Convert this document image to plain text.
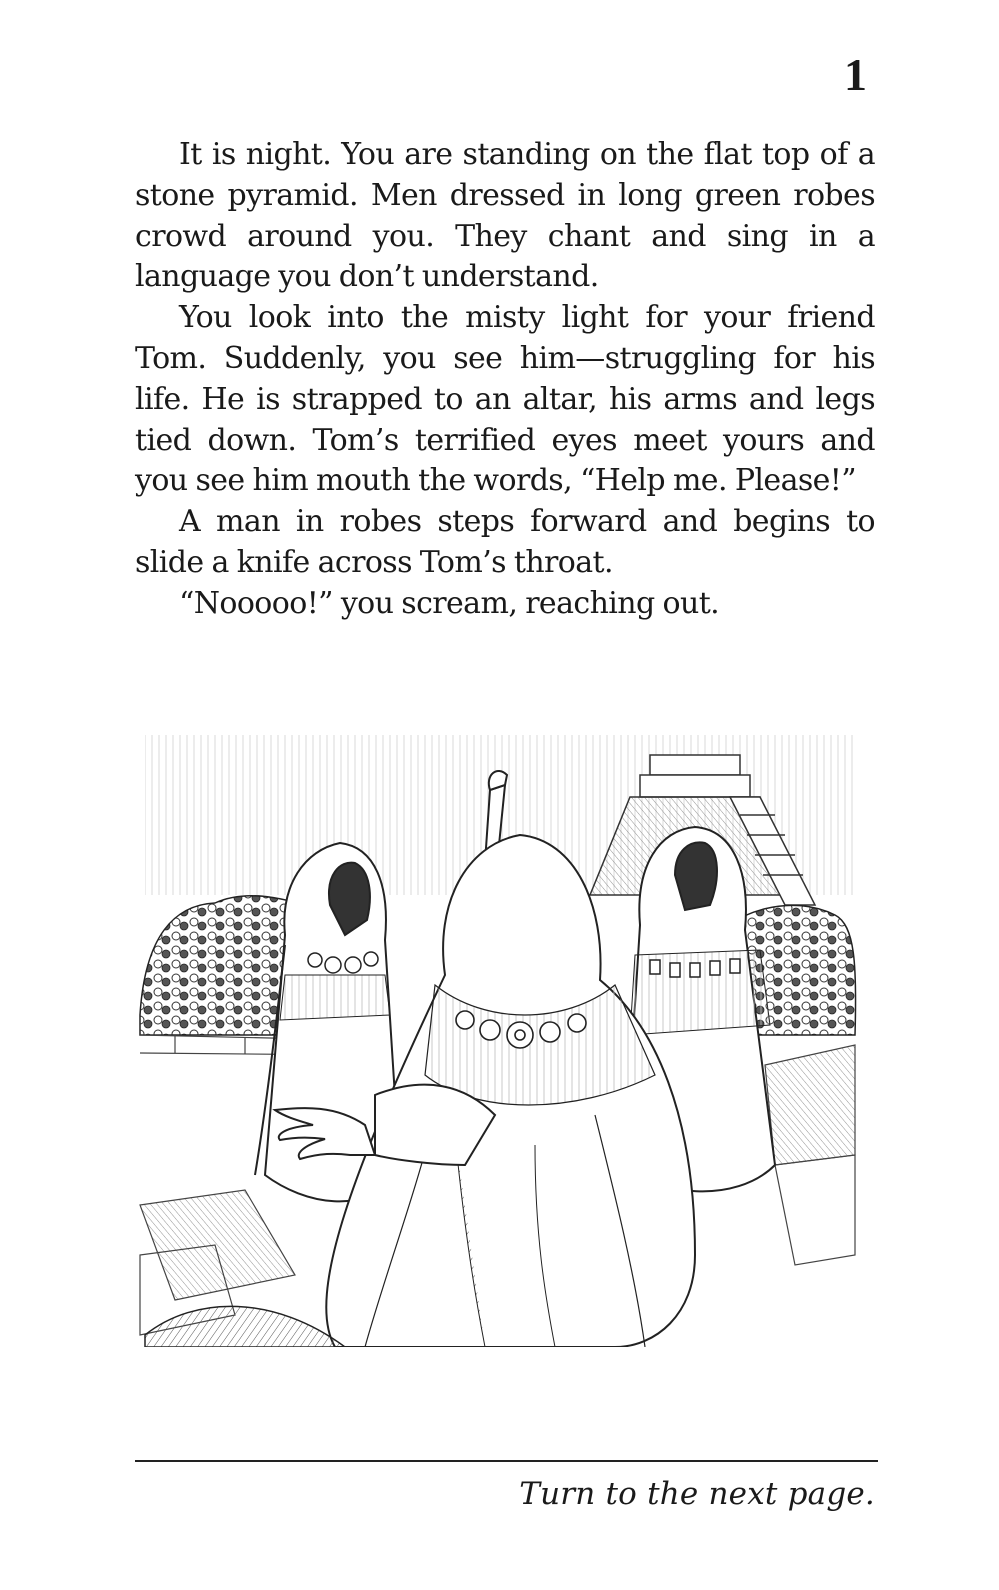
1

It is night. You are standing on the flat top of a stone pyramid. Men dressed in long green robes crowd around you. They chant and sing in a language you don’t understand.

You look into the misty light for your friend Tom. Suddenly, you see him—struggling for his life. He is strapped to an altar, his arms and legs tied down. Tom’s terrified eyes meet yours and you see him mouth the words, “Help me. Please!”

A man in robes steps forward and begins to slide a knife across Tom’s throat.

“Nooooo!” you scream, reaching out.

Turn to the next page.
